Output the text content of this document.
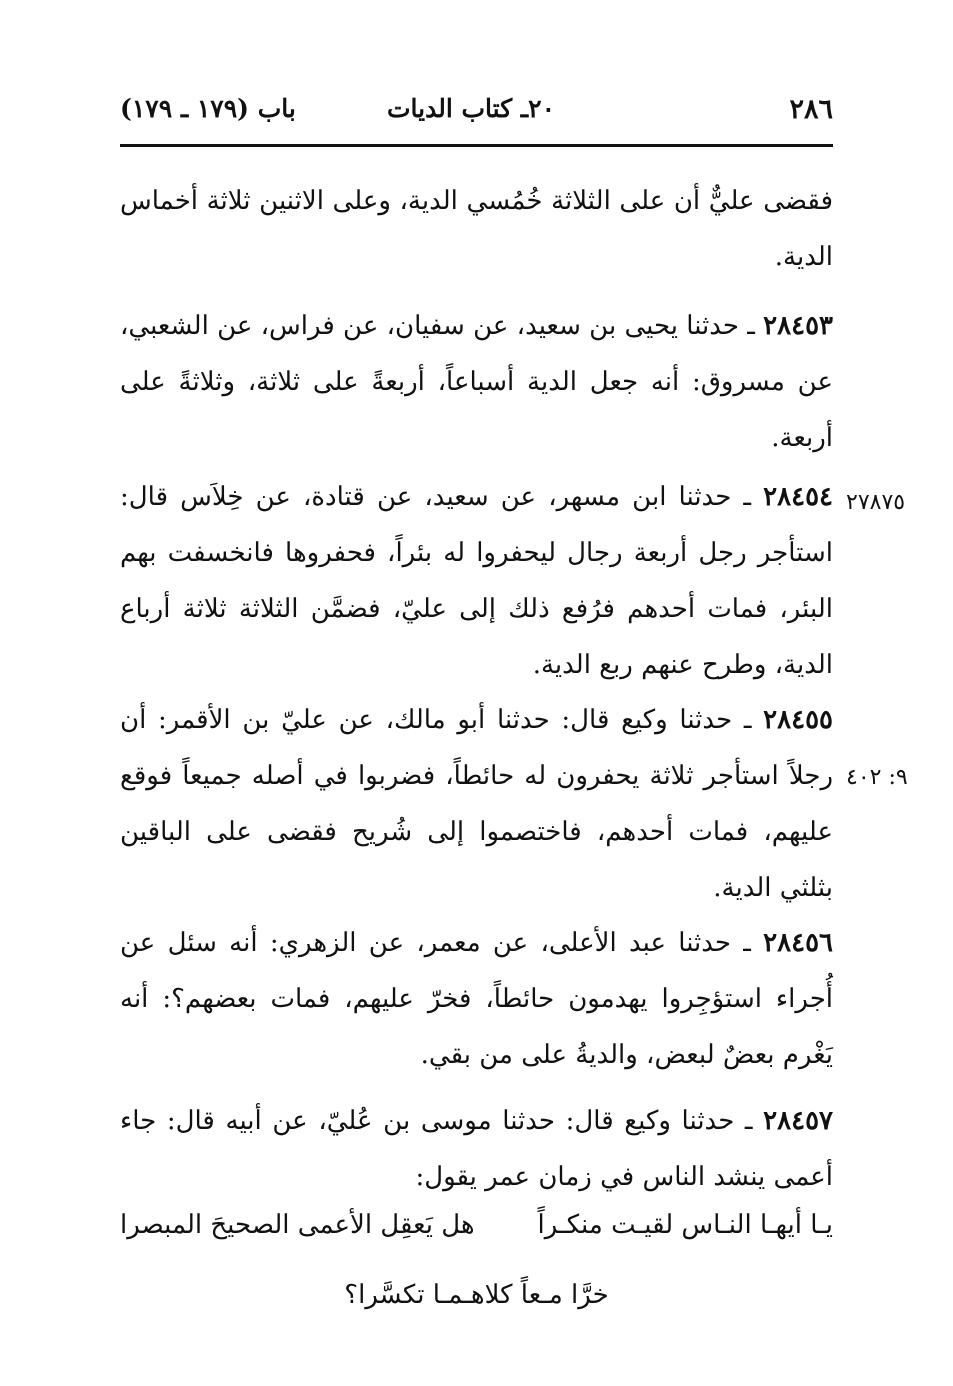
٢٨٦
٢٠ـ كتاب الديات
باب (١٧٩ ـ ١٧٩)
فقضى عليٌّ أن على الثلاثة خُمُسي الدية، وعلى الاثنين ثلاثة أخماس الدية.
٢٨٤٥٣ ـ حدثنا يحيى بن سعيد، عن سفيان، عن فراس، عن الشعبي، عن مسروق: أنه جعل الدية أسباعاً، أربعةً على ثلاثة، وثلاثةً على أربعة.
٢٧٨٧٥
٢٨٤٥٤ ـ حدثنا ابن مسهر، عن سعيد، عن قتادة، عن خِلاَس قال: استأجر رجل أربعة رجال ليحفروا له بئراً، فحفروها فانخسفت بهم البئر، فمات أحدهم فرُفع ذلك إلى عليّ، فضمَّن الثلاثة ثلاثة أرباع الدية، وطرح عنهم ربع الدية.
٩: ٤٠٢
٢٨٤٥٥ ـ حدثنا وكيع قال: حدثنا أبو مالك، عن عليّ بن الأقمر: أن رجلاً استأجر ثلاثة يحفرون له حائطاً، فضربوا في أصله جميعاً فوقع عليهم، فمات أحدهم، فاختصموا إلى شُريح فقضى على الباقين بثلثي الدية.
٢٨٤٥٦ ـ حدثنا عبد الأعلى، عن معمر، عن الزهري: أنه سئل عن أُجراء استؤجِروا يهدمون حائطاً، فخرّ عليهم، فمات بعضهم؟: أنه يَغْرم بعضٌ لبعض، والديةُ على من بقي.
٢٨٤٥٧ ـ حدثنا وكيع قال: حدثنا موسى بن عُليّ، عن أبيه قال: جاء أعمى ينشد الناس في زمان عمر يقول:
يـا أيهـا النـاس لقيـت منكـراً
هل يَعقِل الأعمى الصحيحَ المبصرا
خرَّا مـعاً كلاهـمـا تكسَّرا؟
